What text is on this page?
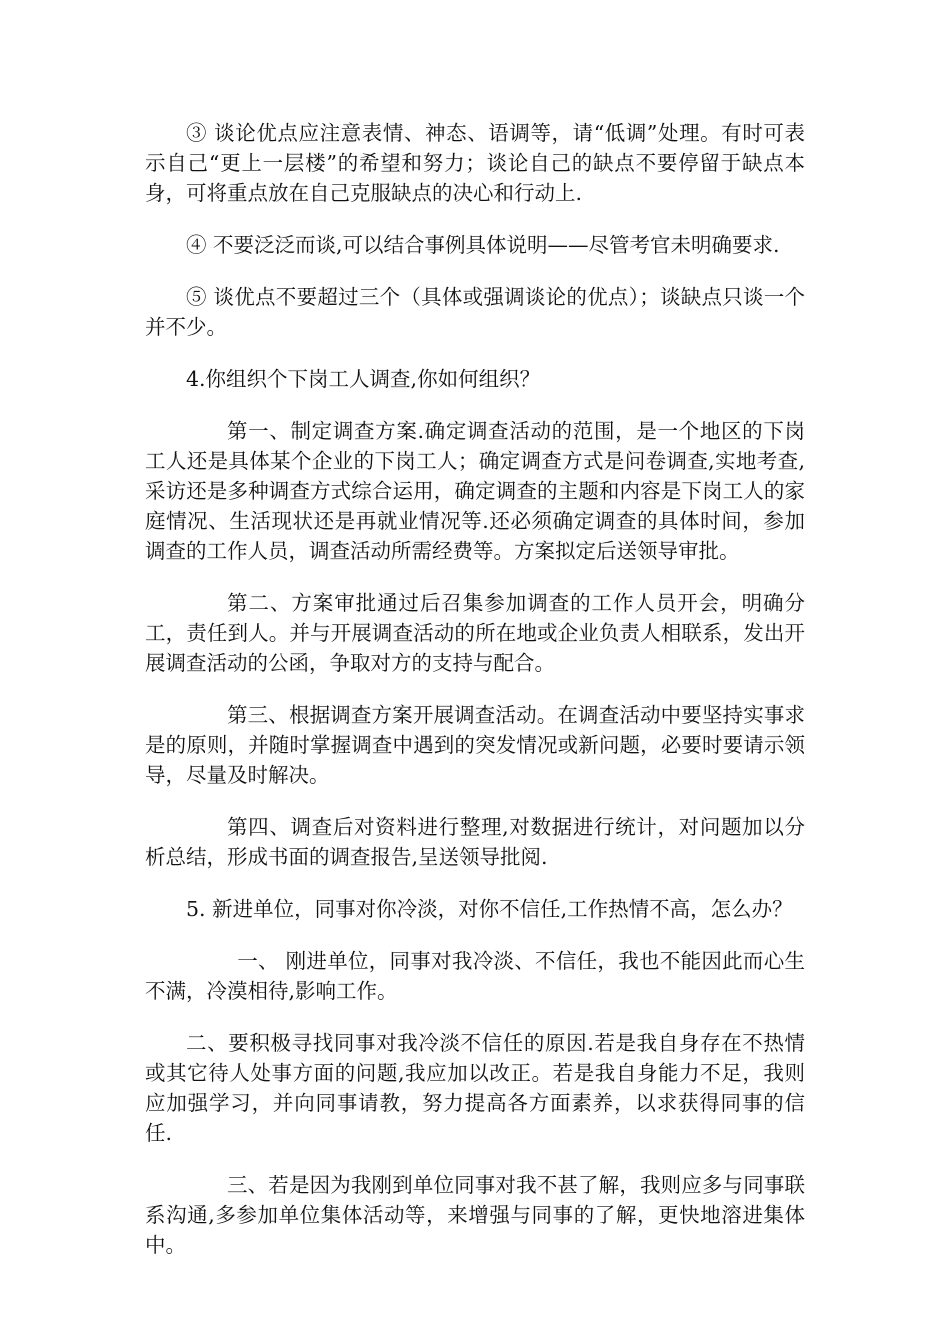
③ 谈论优点应注意表情、神态、语调等，请“低调”处理。有时可表示自己“更上一层楼”的希望和努力；谈论自己的缺点不要停留于缺点本身，可将重点放在自己克服缺点的决心和行动上.

④ 不要泛泛而谈,可以结合事例具体说明——尽管考官未明确要求.

⑤ 谈优点不要超过三个（具体或强调谈论的优点）；谈缺点只谈一个并不少。

4.你组织个下岗工人调查,你如何组织？

第一、制定调查方案.确定调查活动的范围，是一个地区的下岗工人还是具体某个企业的下岗工人；确定调查方式是问卷调查,实地考查,采访还是多种调查方式综合运用，确定调查的主题和内容是下岗工人的家庭情况、生活现状还是再就业情况等.还必须确定调查的具体时间，参加调查的工作人员，调查活动所需经费等。方案拟定后送领导审批。

第二、方案审批通过后召集参加调查的工作人员开会，明确分工，责任到人。并与开展调查活动的所在地或企业负责人相联系，发出开展调查活动的公函，争取对方的支持与配合。

第三、根据调查方案开展调查活动。在调查活动中要坚持实事求是的原则，并随时掌握调查中遇到的突发情况或新问题，必要时要请示领导，尽量及时解决。

第四、调查后对资料进行整理,对数据进行统计，对问题加以分析总结，形成书面的调查报告,呈送领导批阅.

5. 新进单位，同事对你冷淡，对你不信任,工作热情不高，怎么办？

一、 刚进单位，同事对我冷淡、不信任，我也不能因此而心生不满，冷漠相待,影响工作。

二、要积极寻找同事对我冷淡不信任的原因.若是我自身存在不热情或其它待人处事方面的问题,我应加以改正。若是我自身能力不足，我则应加强学习，并向同事请教，努力提高各方面素养，以求获得同事的信任.

三、若是因为我刚到单位同事对我不甚了解，我则应多与同事联系沟通,多参加单位集体活动等，来增强与同事的了解，更快地溶进集体中。
